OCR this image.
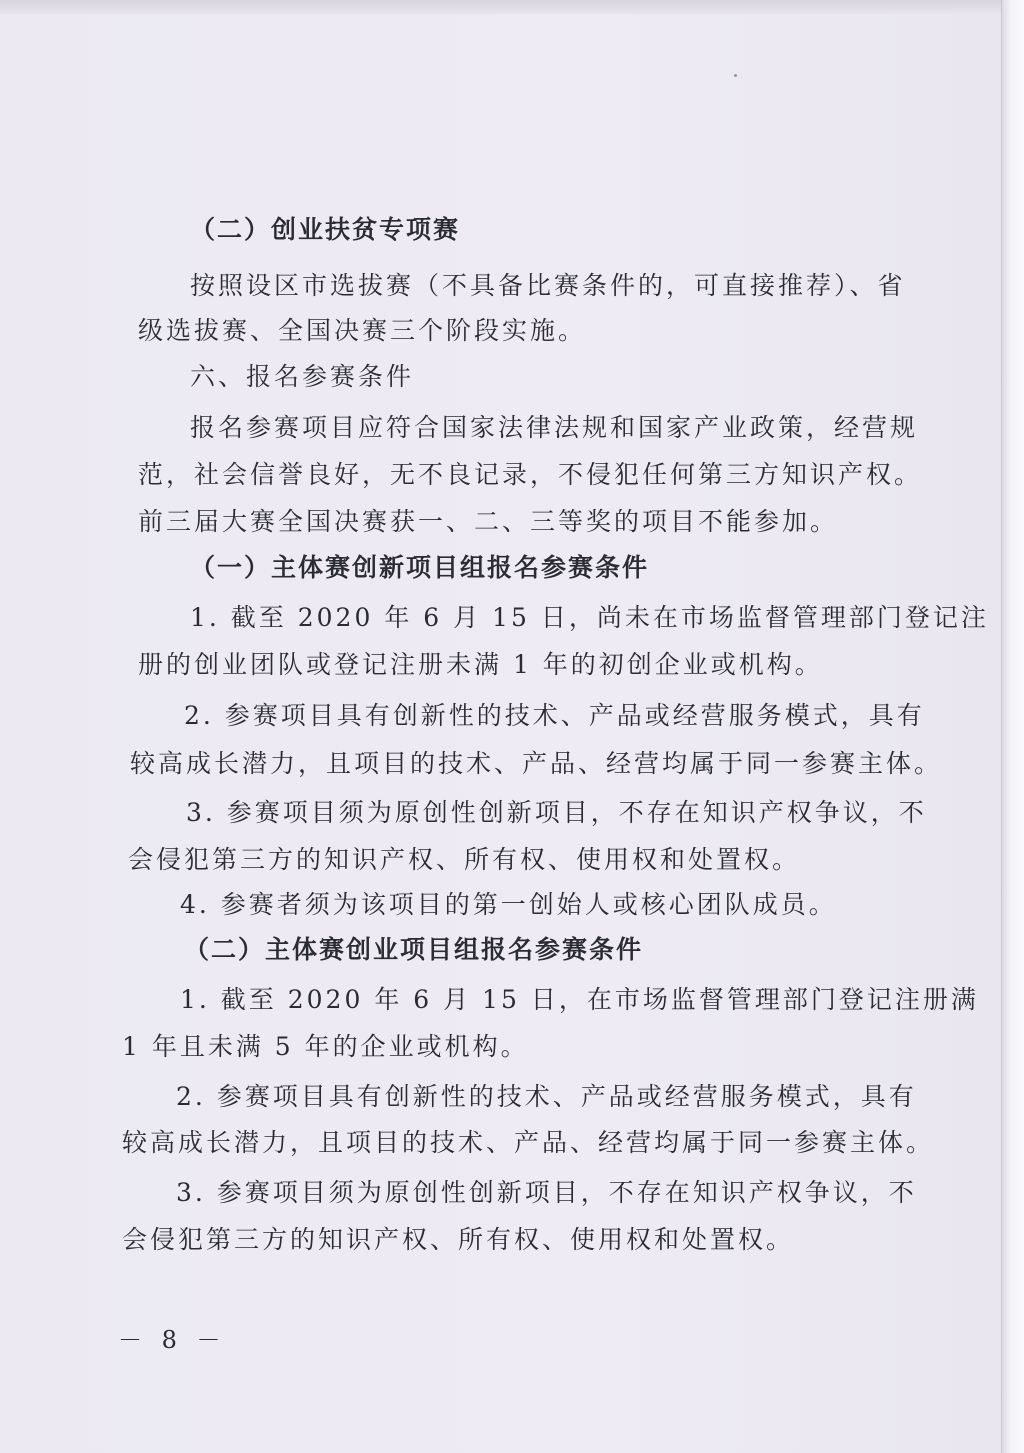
（二）创业扶贫专项赛
按照设区市选拔赛（不具备比赛条件的，可直接推荐）、省
级选拔赛、全国决赛三个阶段实施。
六、报名参赛条件
报名参赛项目应符合国家法律法规和国家产业政策，经营规
范，社会信誉良好，无不良记录，不侵犯任何第三方知识产权。
前三届大赛全国决赛获一、二、三等奖的项目不能参加。
（一）主体赛创新项目组报名参赛条件
1. 截至 2020 年 6 月 15 日，尚未在市场监督管理部门登记注
册的创业团队或登记注册未满 1 年的初创企业或机构。
2. 参赛项目具有创新性的技术、产品或经营服务模式，具有
较高成长潜力，且项目的技术、产品、经营均属于同一参赛主体。
3. 参赛项目须为原创性创新项目，不存在知识产权争议，不
会侵犯第三方的知识产权、所有权、使用权和处置权。
4. 参赛者须为该项目的第一创始人或核心团队成员。
（二）主体赛创业项目组报名参赛条件
1. 截至 2020 年 6 月 15 日，在市场监督管理部门登记注册满
1 年且未满 5 年的企业或机构。
2. 参赛项目具有创新性的技术、产品或经营服务模式，具有
较高成长潜力，且项目的技术、产品、经营均属于同一参赛主体。
3. 参赛项目须为原创性创新项目，不存在知识产权争议，不
会侵犯第三方的知识产权、所有权、使用权和处置权。
－ 8 －
